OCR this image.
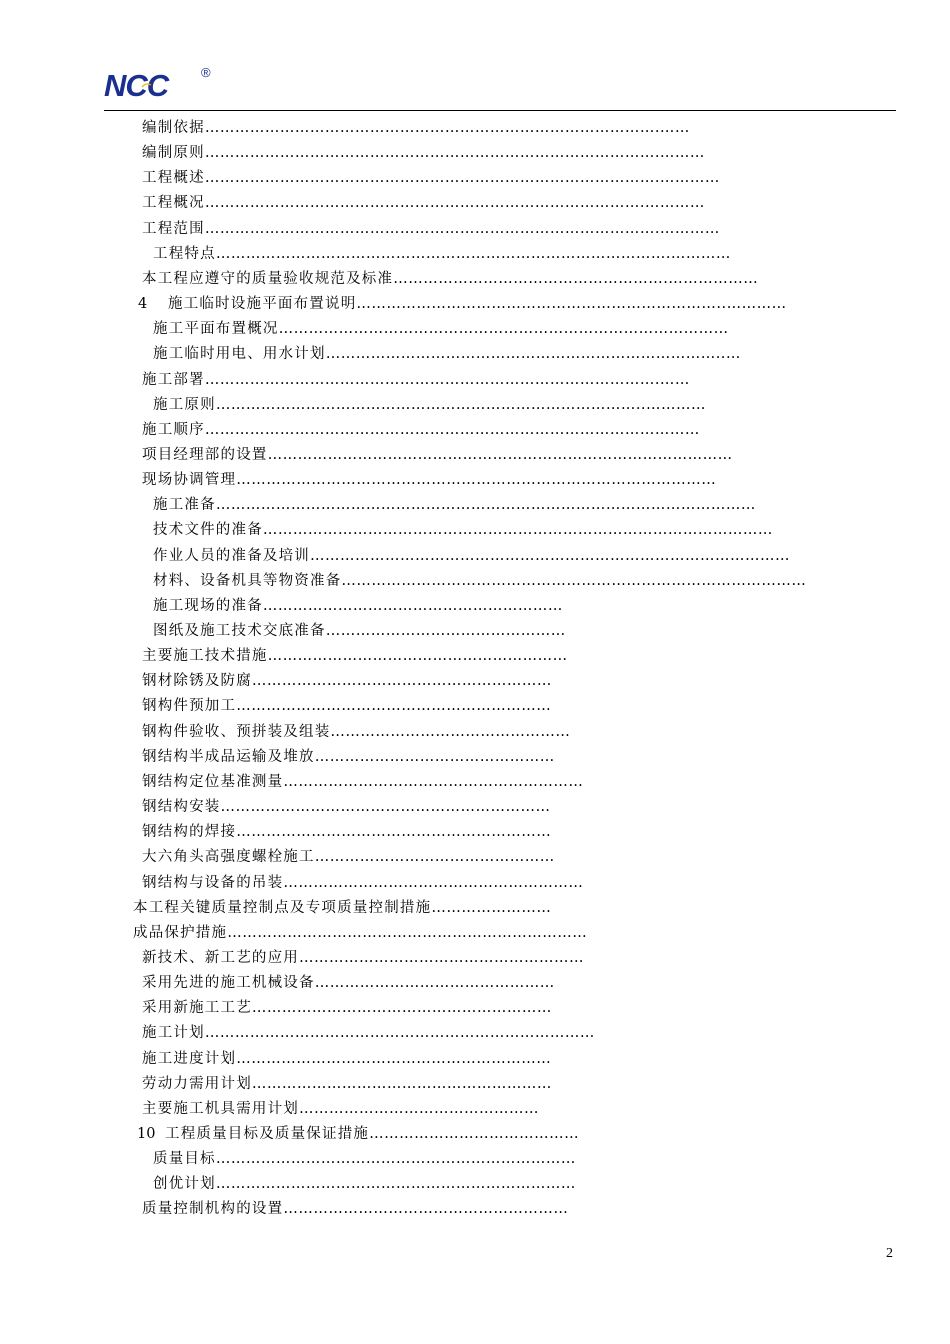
NCC	®
编制依据……………………………………………………………………………….……
编制原则……………………………………………………………………………….………
工程概述……………………………………………………………………………….…………
工程概况…………………………………………………………………………….…………
工程范围……………………………………………………………………………….…………
工程特点……………………………………………………………………………….…………
本工程应遵守的质量验收规范及标准……………………………………………….………………
4 施工临时设施平面布置说明………………………………………………………………..…………
施工平面布置概况………………………………………………………………………………
施工临时用电、用水计划……………………………………………………………………..…
施工部署……………………………………………………………………………….……
施工原则…………………………………………………………………………..…………
施工顺序………………………………………………………………………………………
项目经理部的设置…………………………………………………………………………………
现场协调管理……………………………………………………………………………………
施工准备………………………………………………………………………………………………
技术文件的准备…………………………………………………………………………………………
作业人员的准备及培训……………………………………………………………………………………
材料、设备机具等物资准备…………………………………………………………………………………
施工现场的准备……………………………………………………
图纸及施工技术交底准备…………………………………………
主要施工技术措施……………………………………………………
钢材除锈及防腐……………………………………………………
钢构件预加工………………………………………………………
钢构件验收、预拼装及组装…………………………………………
钢结构半成品运输及堆放…………………………………………
钢结构定位基准测量……………………………………………………
钢结构安装…………………………………………………………
钢结构的焊接………………………………………………………
大六角头高强度螺栓施工…………………………………………
钢结构与设备的吊装……………………………………………………
本工程关键质量控制点及专项质量控制措施……………………
成品保护措施………………………………………………………………
新技术、新工艺的应用…………………………………………………
采用先进的施工机械设备…………………………………………
采用新施工工艺……………………………………………………
施工计划……………………………………………………………………
施工进度计划………………………………………………………
劳动力需用计划……………………………………………………
主要施工机具需用计划…………………………………………
10 工程质量目标及质量保证措施……………………………………
质量目标………………………………………………………………
创优计划………………………………………………………………
质量控制机构的设置…………………………………………………
2
